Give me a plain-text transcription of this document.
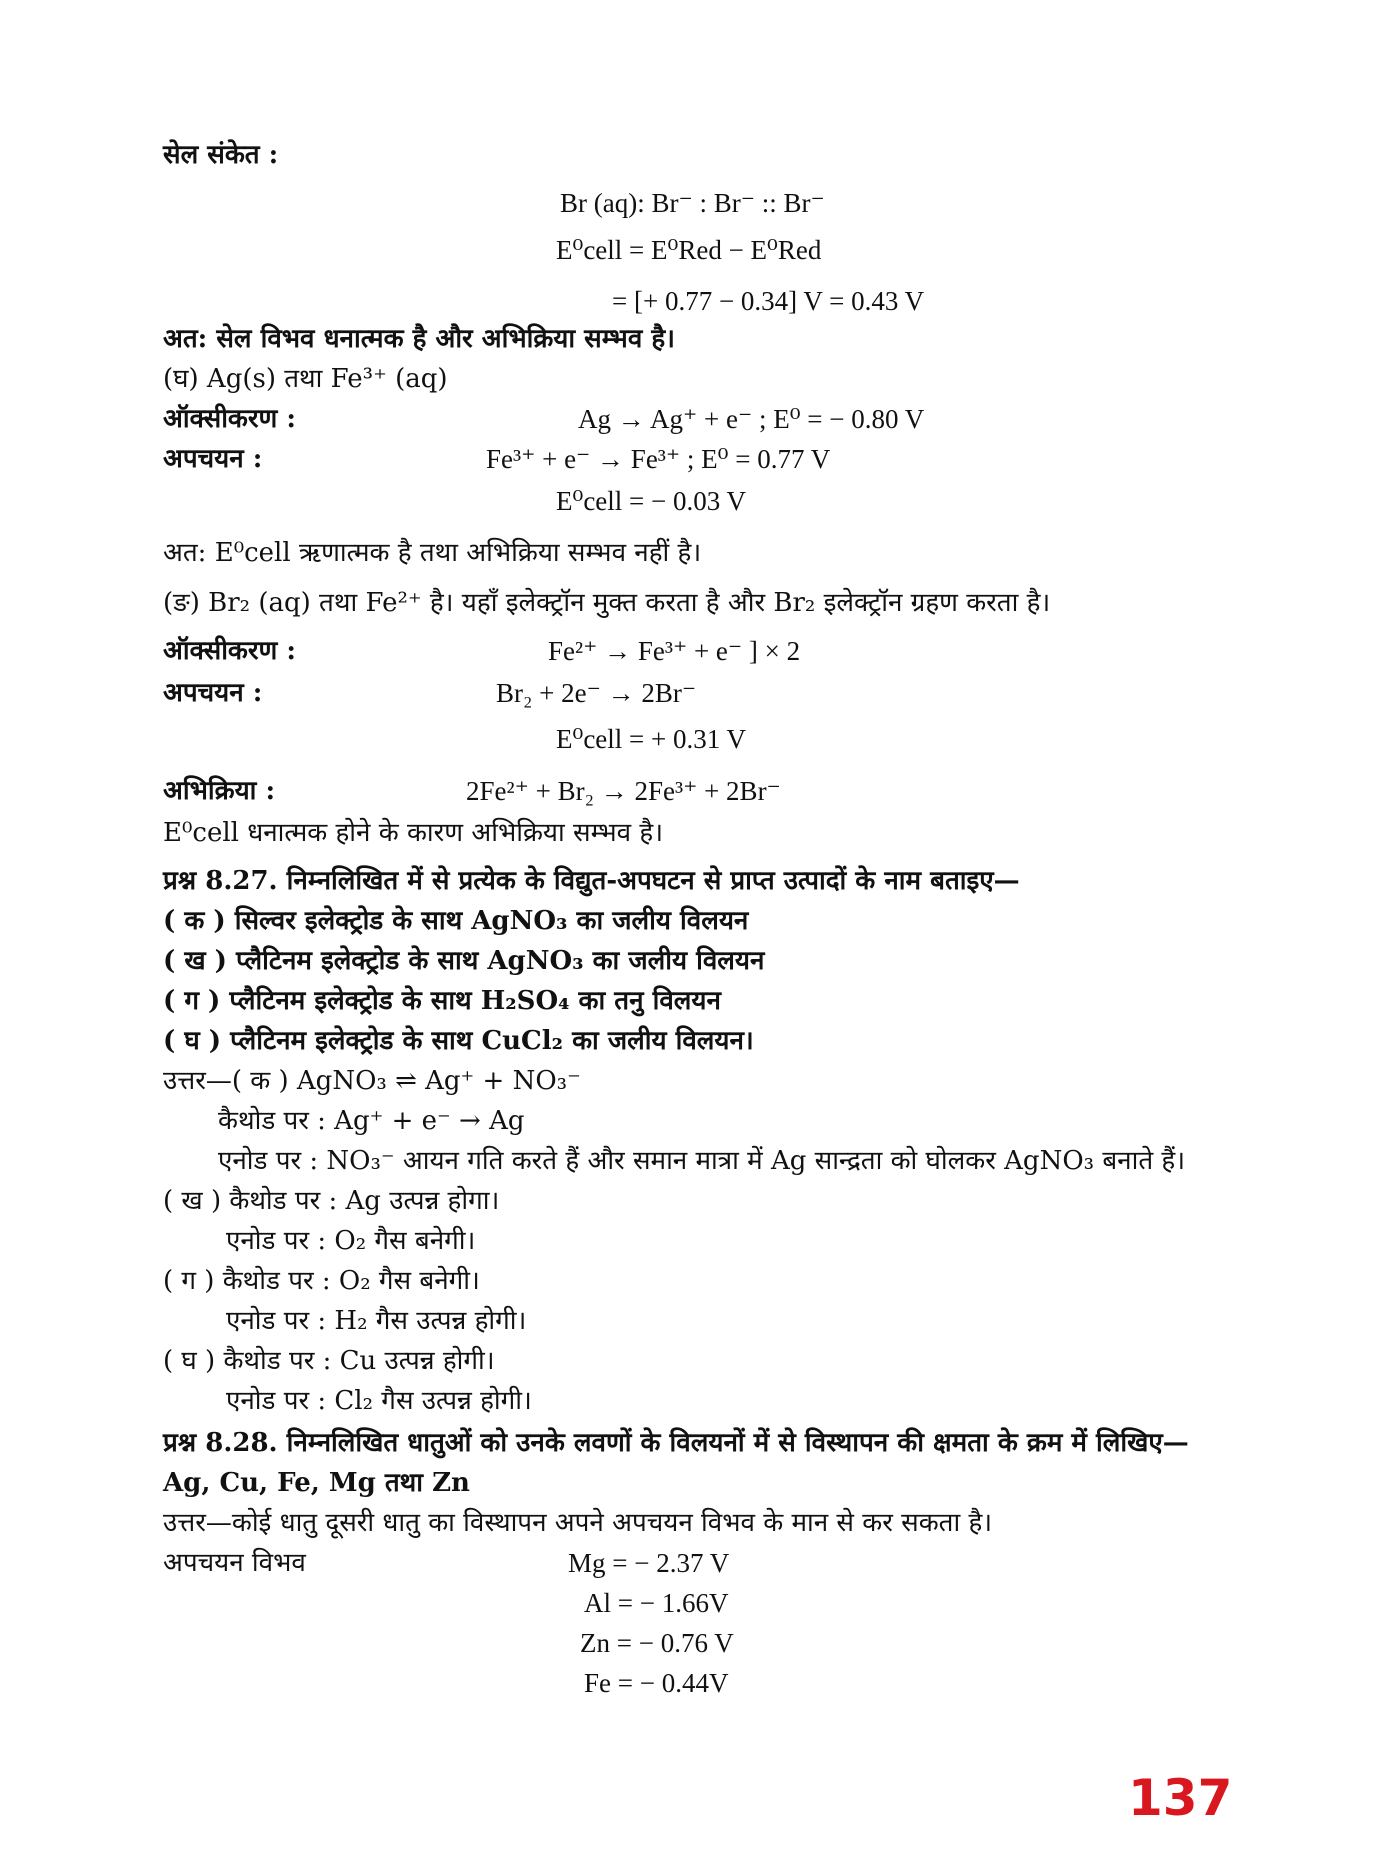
सेल संकेत :
Br (aq): Br⁻ : Br⁻ :: Br⁻
E⁰cell = E⁰Red − E⁰Red
= [+ 0.77 − 0.34] V = 0.43 V
अत: सेल विभव धनात्मक है और अभिक्रिया सम्भव है।
(घ) Ag(s) तथा Fe³⁺ (aq)
ऑक्सीकरण :	Ag → Ag⁺ + e⁻ ; E⁰ = − 0.80 V
अपचयन :	Fe³⁺ + e⁻ → Fe³⁺ ; E⁰ = 0.77 V
E⁰cell = − 0.03 V
अत: E⁰cell ऋणात्मक है तथा अभिक्रिया सम्भव नहीं है।
(ङ) Br₂ (aq) तथा Fe²⁺ है। यहाँ इलेक्ट्रॉन मुक्त करता है और Br₂ इलेक्ट्रॉन ग्रहण करता है।
ऑक्सीकरण :	Fe²⁺ → Fe³⁺ + e⁻ ] × 2
अपचयन :	Br₂ + 2e⁻ → 2Br⁻
E⁰cell = + 0.31 V
अभिक्रिया :	2Fe²⁺ + Br₂ → 2Fe³⁺ + 2Br⁻
E⁰cell धनात्मक होने के कारण अभिक्रिया सम्भव है।
प्रश्न 8.27. निम्नलिखित में से प्रत्येक के विद्युत-अपघटन से प्राप्त उत्पादों के नाम बताइए—
( क ) सिल्वर इलेक्ट्रोड के साथ AgNO₃ का जलीय विलयन
( ख ) प्लैटिनम इलेक्ट्रोड के साथ AgNO₃ का जलीय विलयन
( ग ) प्लैटिनम इलेक्ट्रोड के साथ H₂SO₄ का तनु विलयन
( घ ) प्लैटिनम इलेक्ट्रोड के साथ CuCl₂ का जलीय विलयन।
उत्तर—( क ) AgNO₃ ⇌ Ag⁺ + NO₃⁻
कैथोड पर : Ag⁺ + e⁻ → Ag
एनोड पर : NO₃⁻ आयन गति करते हैं और समान मात्रा में Ag सान्द्रता को घोलकर AgNO₃ बनाते हैं।
( ख ) कैथोड पर : Ag उत्पन्न होगा।
एनोड पर : O₂ गैस बनेगी।
( ग ) कैथोड पर : O₂ गैस बनेगी।
एनोड पर : H₂ गैस उत्पन्न होगी।
( घ ) कैथोड पर : Cu उत्पन्न होगी।
एनोड पर : Cl₂ गैस उत्पन्न होगी।
प्रश्न 8.28. निम्नलिखित धातुओं को उनके लवणों के विलयनों में से विस्थापन की क्षमता के क्रम में लिखिए—
Ag, Cu, Fe, Mg तथा Zn
उत्तर—कोई धातु दूसरी धातु का विस्थापन अपने अपचयन विभव के मान से कर सकता है।
अपचयन विभव	Mg = − 2.37 V
Al = − 1.66V
Zn = − 0.76 V
Fe = − 0.44V
137
